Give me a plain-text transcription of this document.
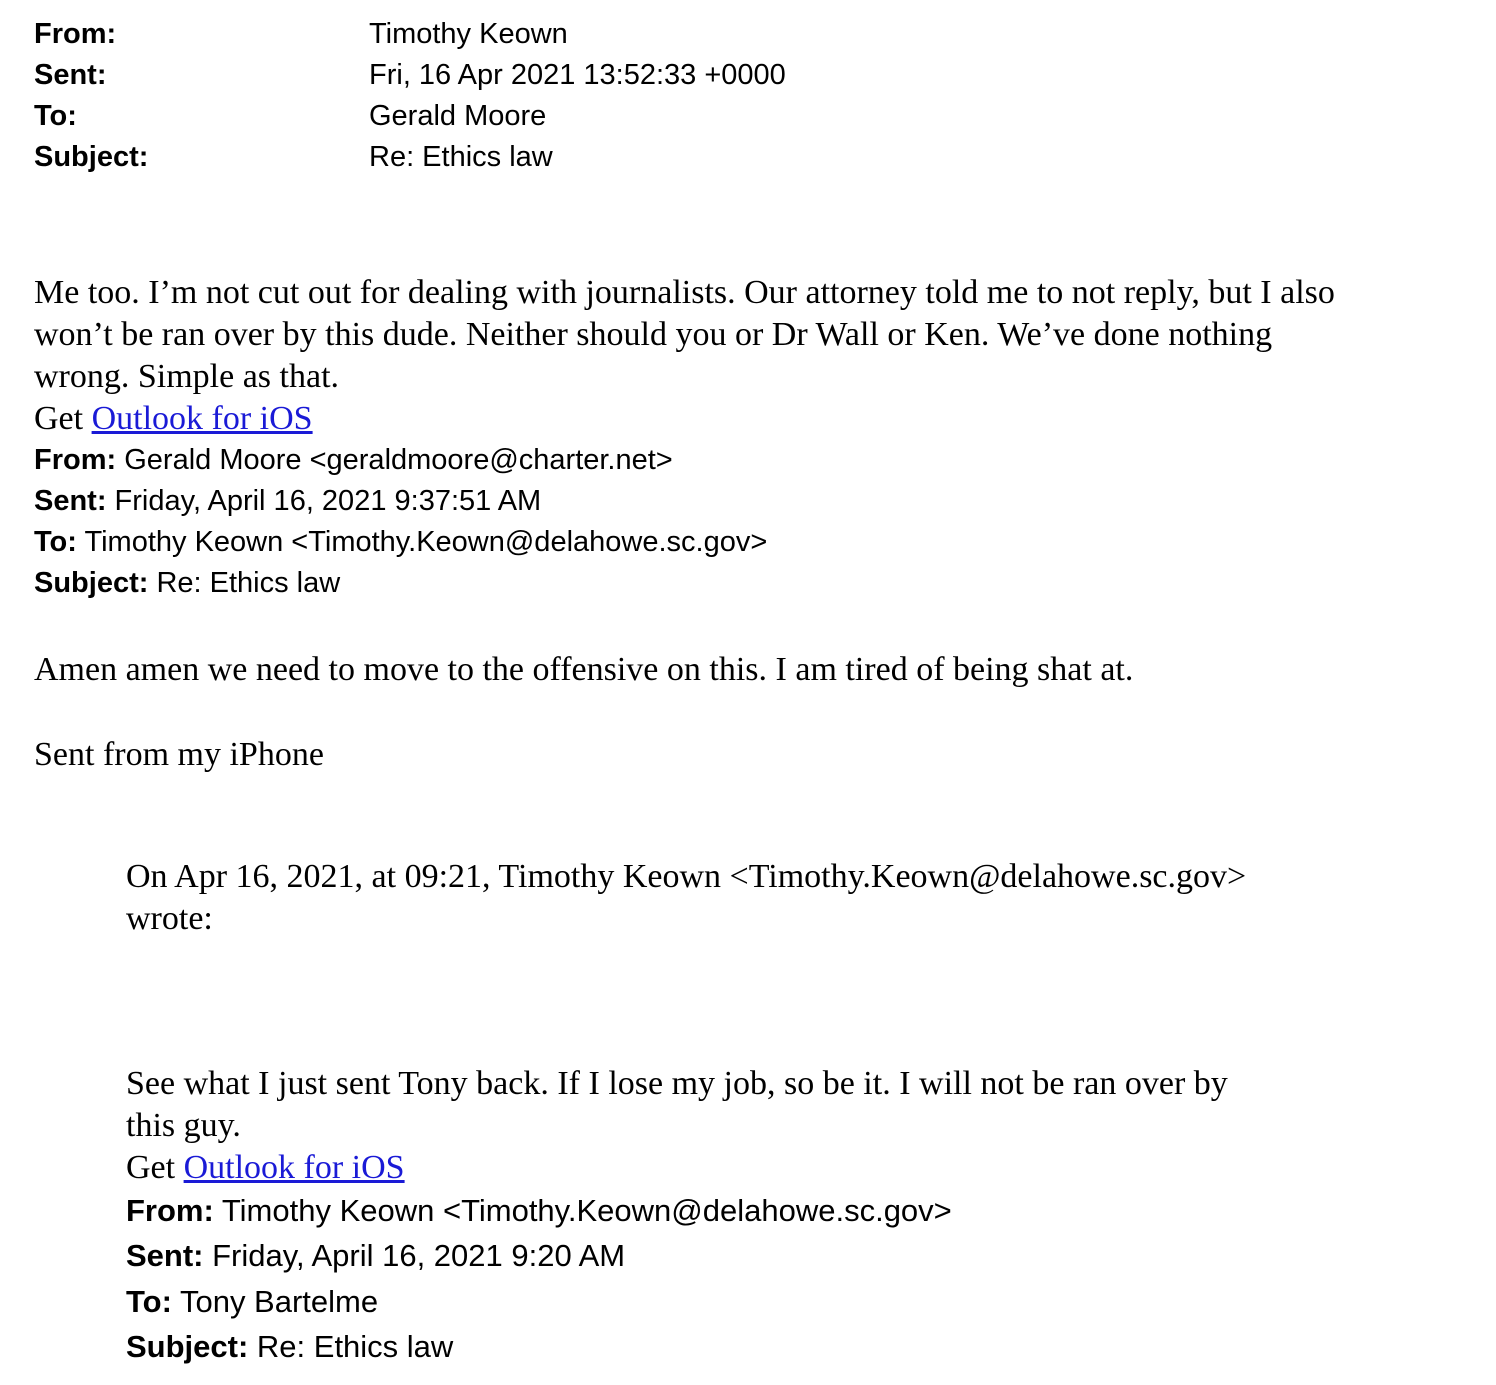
From:	Timothy Keown
Sent:	Fri, 16 Apr 2021 13:52:33 +0000
To:	Gerald Moore
Subject:	Re: Ethics law
Me too. I’m not cut out for dealing with journalists. Our attorney told me to not reply, but I also
won’t be ran over by this dude. Neither should you or Dr Wall or Ken. We’ve done nothing
wrong. Simple as that.
Get Outlook for iOS
From: Gerald Moore <geraldmoore@charter.net>
Sent: Friday, April 16, 2021 9:37:51 AM
To: Timothy Keown <Timothy.Keown@delahowe.sc.gov>
Subject: Re: Ethics law
Amen amen we need to move to the offensive on this. I am tired of being shat at.
Sent from my iPhone
On Apr 16, 2021, at 09:21, Timothy Keown <Timothy.Keown@delahowe.sc.gov>
wrote:
See what I just sent Tony back. If I lose my job, so be it. I will not be ran over by
this guy.
Get Outlook for iOS
From: Timothy Keown <Timothy.Keown@delahowe.sc.gov>
Sent: Friday, April 16, 2021 9:20 AM
To: Tony Bartelme
Subject: Re: Ethics law
